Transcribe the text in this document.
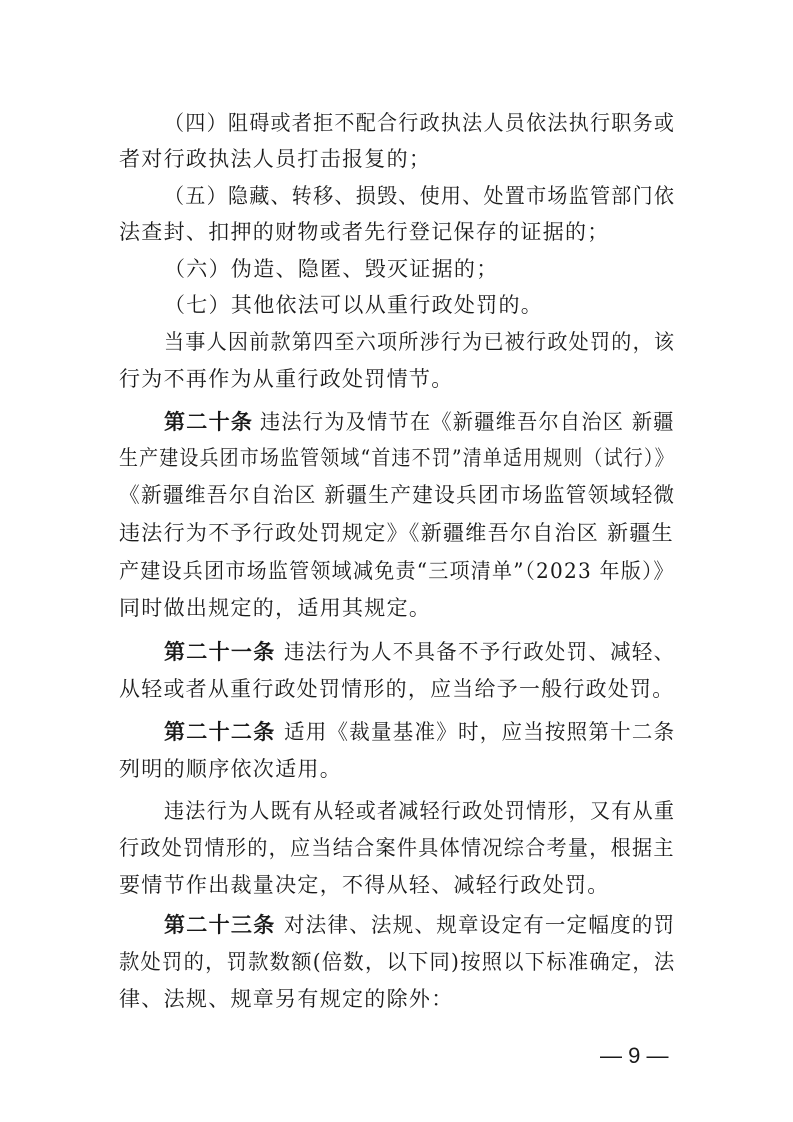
（四）阻碍或者拒不配合行政执法人员依法执行职务或
者对行政执法人员打击报复的；
（五）隐藏、转移、损毁、使用、处置市场监管部门依
法查封、扣押的财物或者先行登记保存的证据的；
（六）伪造、隐匿、毁灭证据的；
（七）其他依法可以从重行政处罚的。
当事人因前款第四至六项所涉行为已被行政处罚的，该
行为不再作为从重行政处罚情节。
第二十条 违法行为及情节在《新疆维吾尔自治区 新疆
生产建设兵团市场监管领域“首违不罚”清单适用规则（试行）》
《新疆维吾尔自治区 新疆生产建设兵团市场监管领域轻微
违法行为不予行政处罚规定》《新疆维吾尔自治区 新疆生
产建设兵团市场监管领域减免责“三项清单”（2023 年版）》
同时做出规定的，适用其规定。
第二十一条 违法行为人不具备不予行政处罚、减轻、
从轻或者从重行政处罚情形的，应当给予一般行政处罚。
第二十二条 适用《裁量基准》时，应当按照第十二条
列明的顺序依次适用。
违法行为人既有从轻或者减轻行政处罚情形，又有从重
行政处罚情形的，应当结合案件具体情况综合考量，根据主
要情节作出裁量决定，不得从轻、减轻行政处罚。
第二十三条 对法律、法规、规章设定有一定幅度的罚
款处罚的，罚款数额(倍数，以下同)按照以下标准确定，法
律、法规、规章另有规定的除外：
— 9 —
